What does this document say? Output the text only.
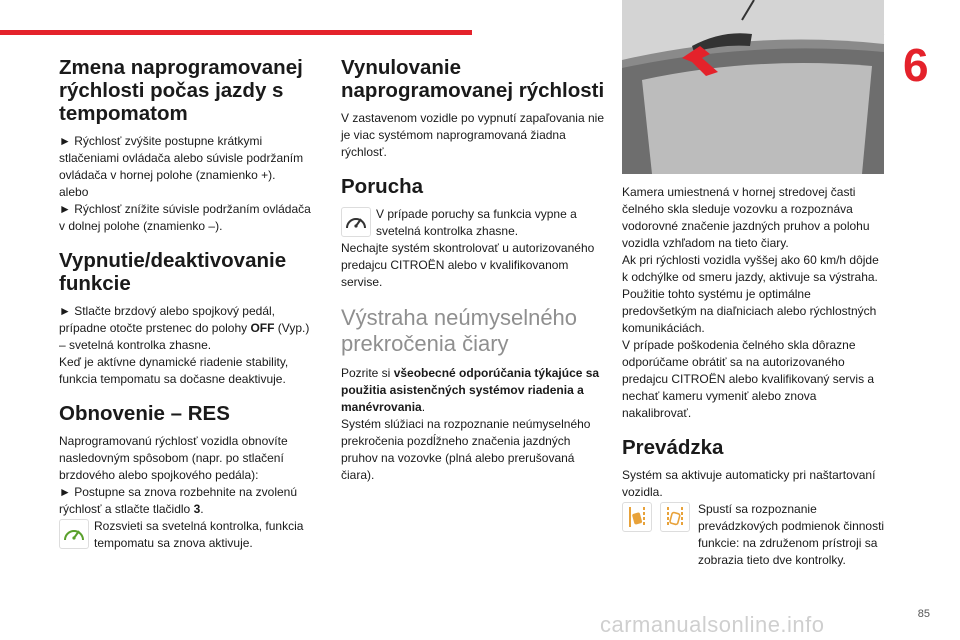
6
85
carmanualsonline.info
Zmena naprogramovanej rýchlosti počas jazdy s tempomatom

► Rýchlosť zvýšite postupne krátkymi stlačeniami ovládača alebo súvisle podržaním ovládača v hornej polohe (znamienko +).

alebo

► Rýchlosť znížite súvisle podržaním ovládača v dolnej polohe (znamienko –).

Vypnutie/deaktivovanie funkcie

► Stlačte brzdový alebo spojkový pedál, prípadne otočte prstenec do polohy OFF (Vyp.) – svetelná kontrolka zhasne.

Keď je aktívne dynamické riadenie stability, funkcia tempomatu sa dočasne deaktivuje.

Obnovenie – RES

Naprogramovanú rýchlosť vozidla obnovíte nasledovným spôsobom (napr. po stlačení brzdového alebo spojkového pedála):

► Postupne sa znova rozbehnite na zvolenú rýchlosť a stlačte tlačidlo 3.

Rozsvieti sa svetelná kontrolka, funkcia tempomatu sa znova aktivuje.

Vynulovanie naprogramovanej rýchlosti

V zastavenom vozidle po vypnutí zapaľovania nie je viac systémom naprogramovaná žiadna rýchlosť.

Porucha

V prípade poruchy sa funkcia vypne a svetelná kontrolka zhasne.

Nechajte systém skontrolovať u autorizovaného predajcu CITROËN alebo v kvalifikovanom servise.

Výstraha neúmyselného prekročenia čiary

Pozrite si všeobecné odporúčania týkajúce sa použitia asistenčných systémov riadenia a manévrovania.

Systém slúžiaci na rozpoznanie neúmyselného prekročenia pozdĺžneho značenia jazdných pruhov na vozovke (plná alebo prerušovaná čiara).

Kamera umiestnená v hornej stredovej časti čelného skla sleduje vozovku a rozpoznáva vodorovné značenie jazdných pruhov a polohu vozidla vzhľadom na tieto čiary.

Ak pri rýchlosti vozidla vyššej ako 60 km/h dôjde k odchýlke od smeru jazdy, aktivuje sa výstraha.

Použitie tohto systému je optimálne predovšetkým na diaľniciach alebo rýchlostných komunikáciách.

V prípade poškodenia čelného skla dôrazne odporúčame obrátiť sa na autorizovaného predajcu CITROËN alebo kvalifikovaný servis a nechať kameru vymeniť alebo znova nakalibrovať.

Prevádzka

Systém sa aktivuje automaticky pri naštartovaní vozidla.

Spustí sa rozpoznanie prevádzkových podmienok činnosti funkcie: na združenom prístroji sa zobrazia tieto dve kontrolky.
